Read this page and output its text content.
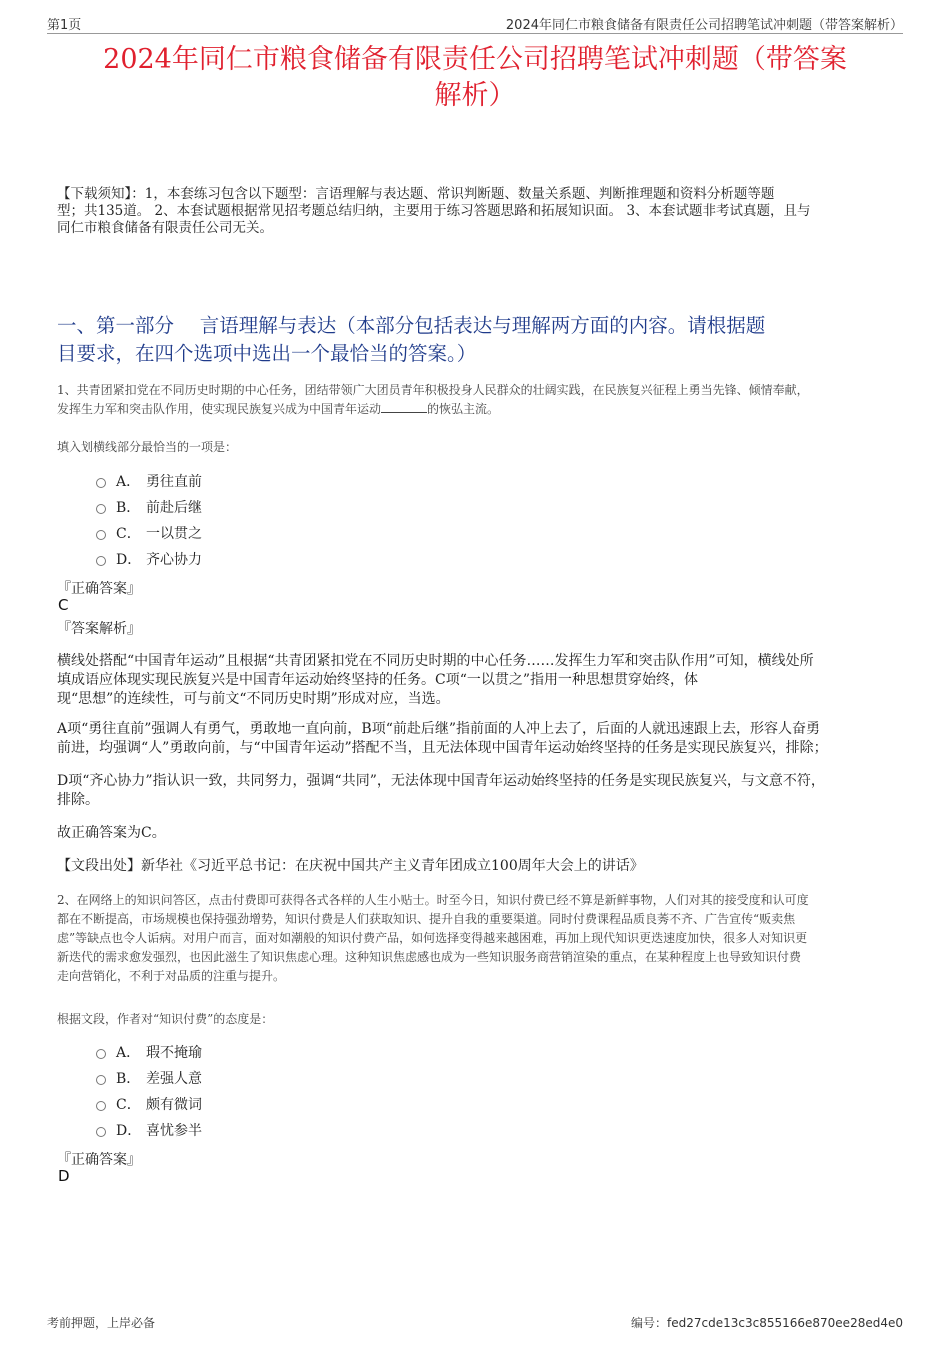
第1页	2024年同仁市粮食储备有限责任公司招聘笔试冲刺题（带答案解析）
2024年同仁市粮食储备有限责任公司招聘笔试冲刺题（带答案
解析）
【下载须知】：1，本套练习包含以下题型：言语理解与表达题、常识判断题、数量关系题、判断推理题和资料分析题等题
型；共135道。 2、本套试题根据常见招考题总结归纳，主要用于练习答题思路和拓展知识面。 3、本套试题非考试真题，且与
同仁市粮食储备有限责任公司无关。
一、第一部分　 言语理解与表达（本部分包括表达与理解两方面的内容。请根据题
目要求，在四个选项中选出一个最恰当的答案。）
1、共青团紧扣党在不同历史时期的中心任务，团结带领广大团员青年积极投身人民群众的壮阔实践，在民族复兴征程上勇当先锋、倾情奉献，
发挥生力军和突击队作用，使实现民族复兴成为中国青年运动	的恢弘主流。
填入划横线部分最恰当的一项是：
A． 勇往直前
B． 前赴后继
C． 一以贯之
D． 齐心协力
『正确答案』
C
『答案解析』
横线处搭配“中国青年运动”且根据“共青团紧扣党在不同历史时期的中心任务……发挥生力军和突击队作用”可知，横线处所
填成语应体现实现民族复兴是中国青年运动始终坚持的任务。C项“一以贯之”指用一种思想贯穿始终，体
现“思想”的连续性，可与前文“不同历史时期”形成对应，当选。
A项“勇往直前”强调人有勇气，勇敢地一直向前，B项“前赴后继”指前面的人冲上去了，后面的人就迅速跟上去，形容人奋勇
前进，均强调“人”勇敢向前，与“中国青年运动”搭配不当，且无法体现中国青年运动始终坚持的任务是实现民族复兴，排除；
D项“齐心协力”指认识一致，共同努力，强调“共同”，无法体现中国青年运动始终坚持的任务是实现民族复兴，与文意不符，
排除。
故正确答案为C。
【文段出处】新华社《习近平总书记：在庆祝中国共产主义青年团成立100周年大会上的讲话》
2、在网络上的知识问答区，点击付费即可获得各式各样的人生小贴士。时至今日，知识付费已经不算是新鲜事物，人们对其的接受度和认可度
都在不断提高，市场规模也保持强劲增势，知识付费是人们获取知识、提升自我的重要渠道。同时付费课程品质良莠不齐、广告宣传“贩卖焦
虑”等缺点也令人诟病。对用户而言，面对如潮般的知识付费产品，如何选择变得越来越困难，再加上现代知识更迭速度加快，很多人对知识更
新迭代的需求愈发强烈，也因此滋生了知识焦虑心理。这种知识焦虑感也成为一些知识服务商营销渲染的重点，在某种程度上也导致知识付费
走向营销化，不利于对品质的注重与提升。
根据文段，作者对“知识付费”的态度是：
A． 瑕不掩瑜
B． 差强人意
C． 颇有微词
D． 喜忧参半
『正确答案』
D
考前押题，上岸必备	编号：fed27cde13c3c855166e870ee28ed4e0
